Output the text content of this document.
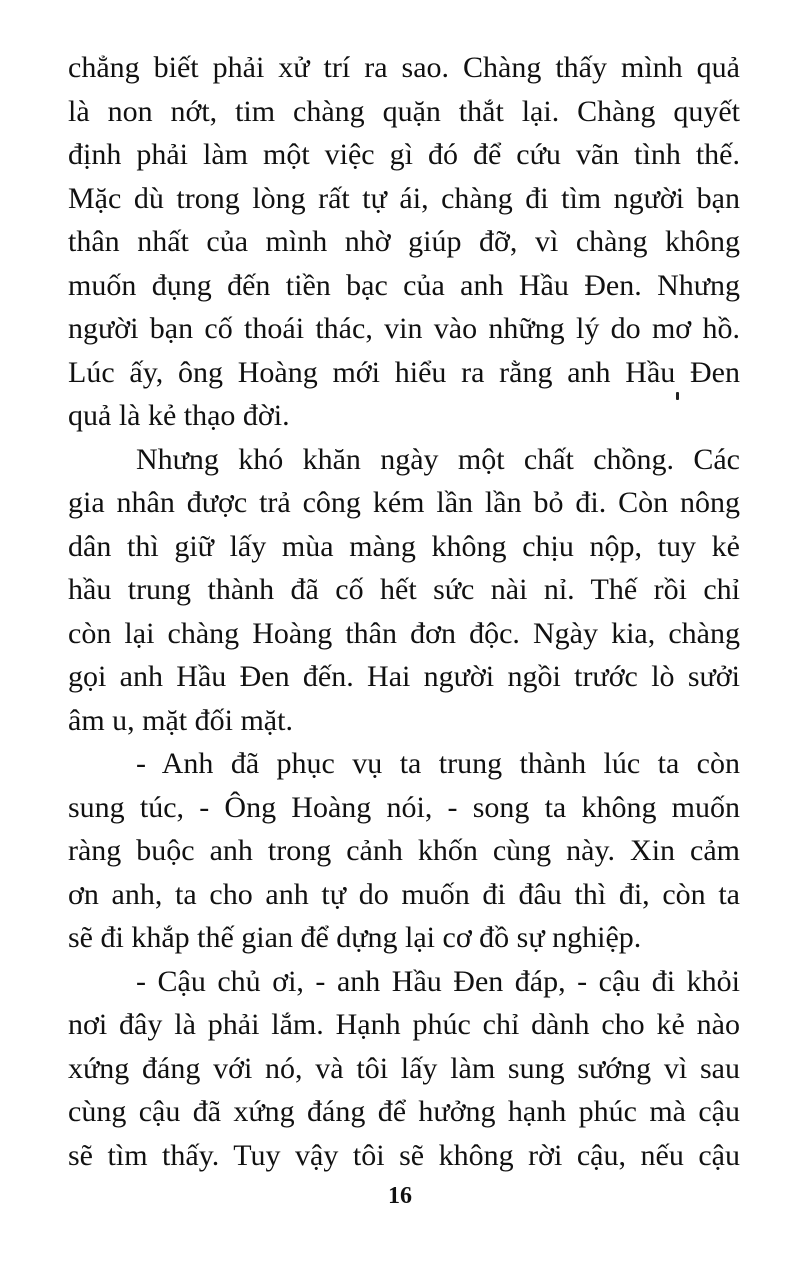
chẳng biết phải xử trí ra sao. Chàng thấy mình quả
là non nớt, tim chàng quặn thắt lại. Chàng quyết
định phải làm một việc gì đó để cứu vãn tình thế.
Mặc dù trong lòng rất tự ái, chàng đi tìm người bạn
thân nhất của mình nhờ giúp đỡ, vì chàng không
muốn đụng đến tiền bạc của anh Hầu Đen. Nhưng
người bạn cố thoái thác, vin vào những lý do mơ hồ.
Lúc ấy, ông Hoàng mới hiểu ra rằng anh Hầu Đen
quả là kẻ thạo đời.
Nhưng khó khăn ngày một chất chồng. Các
gia nhân được trả công kém lần lần bỏ đi. Còn nông
dân thì giữ lấy mùa màng không chịu nộp, tuy kẻ
hầu trung thành đã cố hết sức nài nỉ. Thế rồi chỉ
còn lại chàng Hoàng thân đơn độc. Ngày kia, chàng
gọi anh Hầu Đen đến. Hai người ngồi trước lò sưởi
âm u, mặt đối mặt.
- Anh đã phục vụ ta trung thành lúc ta còn
sung túc, - Ông Hoàng nói, - song ta không muốn
ràng buộc anh trong cảnh khốn cùng này. Xin cảm
ơn anh, ta cho anh tự do muốn đi đâu thì đi, còn ta
sẽ đi khắp thế gian để dựng lại cơ đồ sự nghiệp.
- Cậu chủ ơi, - anh Hầu Đen đáp, - cậu đi khỏi
nơi đây là phải lắm. Hạnh phúc chỉ dành cho kẻ nào
xứng đáng với nó, và tôi lấy làm sung sướng vì sau
cùng cậu đã xứng đáng để hưởng hạnh phúc mà cậu
sẽ tìm thấy. Tuy vậy tôi sẽ không rời cậu, nếu cậu
16
